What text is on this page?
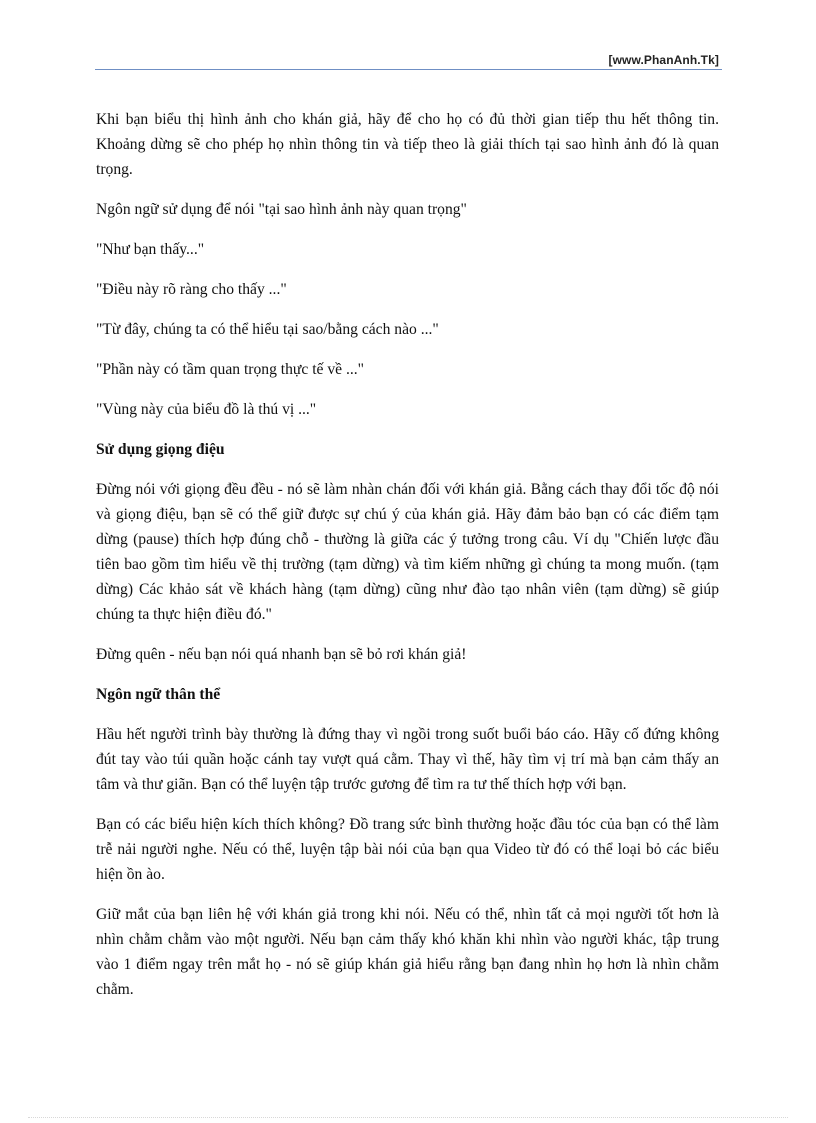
[www.PhanAnh.Tk]

Khi bạn biểu thị hình ảnh cho khán giả, hãy để cho họ có đủ thời gian tiếp thu hết thông tin. Khoảng dừng sẽ cho phép họ nhìn thông tin và tiếp theo là giải thích tại sao hình ảnh đó là quan trọng.

Ngôn ngữ sử dụng để nói "tại sao hình ảnh này quan trọng"

"Như bạn thấy..."

"Điều này rõ ràng cho thấy ..."

"Từ đây, chúng ta có thể hiểu tại sao/bằng cách nào ..."

"Phần này có tầm quan trọng thực tế về ..."

"Vùng này của biểu đồ là thú vị ..."

Sử dụng giọng điệu

Đừng nói với giọng đều đều - nó sẽ làm nhàn chán đối với khán giả. Bằng cách thay đổi tốc độ nói và giọng điệu, bạn sẽ có thể giữ được sự chú ý của khán giả. Hãy đảm bảo bạn có các điểm tạm dừng (pause) thích hợp đúng chỗ - thường là giữa các ý tưởng trong câu. Ví dụ "Chiến lược đầu tiên bao gồm tìm hiểu về thị trường (tạm dừng) và tìm kiếm những gì chúng ta mong muốn. (tạm dừng) Các khảo sát về khách hàng (tạm dừng) cũng như đào tạo nhân viên (tạm dừng) sẽ giúp chúng ta thực hiện điều đó."

Đừng quên - nếu bạn nói quá nhanh bạn sẽ bỏ rơi khán giả!

Ngôn ngữ thân thể

Hầu hết người trình bày thường là đứng thay vì ngồi trong suốt buổi báo cáo. Hãy cố đứng không đút tay vào túi quần hoặc cánh tay vượt quá cằm. Thay vì thế, hãy tìm vị trí mà bạn cảm thấy an tâm và thư giãn. Bạn có thể luyện tập trước gương để tìm ra tư thế thích hợp với bạn.

Bạn có các biểu hiện kích thích không? Đồ trang sức bình thường hoặc đầu tóc của bạn có thể làm trễ nải người nghe. Nếu có thể, luyện tập bài nói của bạn qua Video từ đó có thể loại bỏ các biểu hiện ồn ào.

Giữ mắt của bạn liên hệ với khán giả trong khi nói. Nếu có thể, nhìn tất cả mọi người tốt hơn là nhìn chằm chằm vào một người. Nếu bạn cảm thấy khó khăn khi nhìn vào người khác, tập trung vào 1 điểm ngay trên mắt họ - nó sẽ giúp khán giả hiểu rằng bạn đang nhìn họ hơn là nhìn chằm chằm.
